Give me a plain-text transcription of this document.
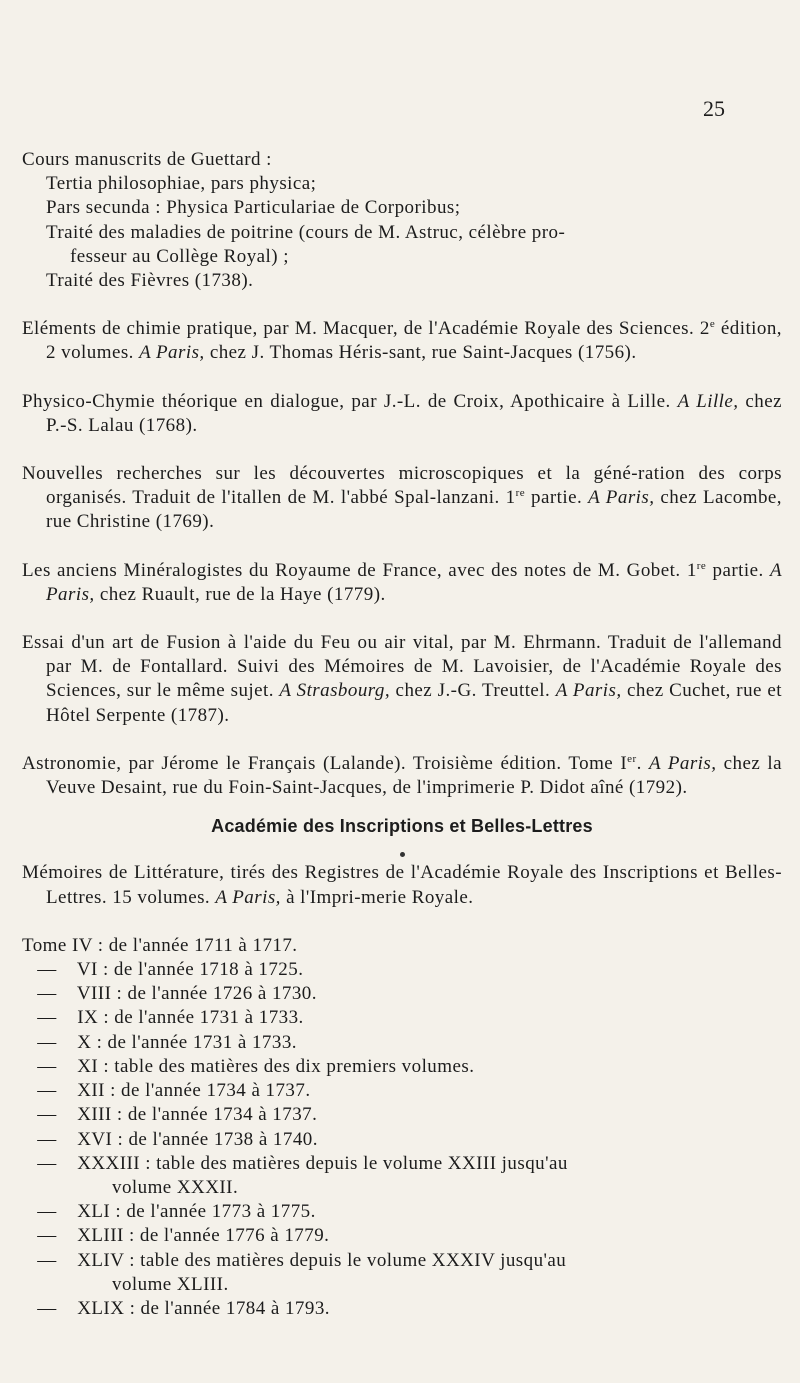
25
Cours manuscrits de Guettard :
Tertia philosophiae, pars physica;
Pars secunda : Physica Particulariae de Corporibus;
Traité des maladies de poitrine (cours de M. Astruc, célèbre pro-
fesseur au Collège Royal) ;
Traité des Fièvres (1738).
Eléments de chimie pratique, par M. Macquer, de l'Académie Royale des Sciences. 2e édition, 2 volumes. A Paris, chez J. Thomas Héris-sant, rue Saint-Jacques (1756).
Physico-Chymie théorique en dialogue, par J.-L. de Croix, Apothicaire à Lille. A Lille, chez P.-S. Lalau (1768).
Nouvelles recherches sur les découvertes microscopiques et la géné-ration des corps organisés. Traduit de l'itallen de M. l'abbé Spal-lanzani. 1re partie. A Paris, chez Lacombe, rue Christine (1769).
Les anciens Minéralogistes du Royaume de France, avec des notes de M. Gobet. 1re partie. A Paris, chez Ruault, rue de la Haye (1779).
Essai d'un art de Fusion à l'aide du Feu ou air vital, par M. Ehrmann. Traduit de l'allemand par M. de Fontallard. Suivi des Mémoires de M. Lavoisier, de l'Académie Royale des Sciences, sur le même sujet. A Strasbourg, chez J.-G. Treuttel. A Paris, chez Cuchet, rue et Hôtel Serpente (1787).
Astronomie, par Jérome le Français (Lalande). Troisième édition. Tome Ier. A Paris, chez la Veuve Desaint, rue du Foin-Saint-Jacques, de l'imprimerie P. Didot aîné (1792).
Académie des Inscriptions et Belles-Lettres
Mémoires de Littérature, tirés des Registres de l'Académie Royale des Inscriptions et Belles-Lettres. 15 volumes. A Paris, à l'Impri-merie Royale.
Tome IV : de l'année 1711 à 1717.
— VI : de l'année 1718 à 1725.
— VIII : de l'année 1726 à 1730.
— IX : de l'année 1731 à 1733.
— X : de l'année 1731 à 1733.
— XI : table des matières des dix premiers volumes.
— XII : de l'année 1734 à 1737.
— XIII : de l'année 1734 à 1737.
— XVI : de l'année 1738 à 1740.
— XXXIII : table des matières depuis le volume XXIII jusqu'au
volume XXXII.
— XLI : de l'année 1773 à 1775.
— XLIII : de l'année 1776 à 1779.
— XLIV : table des matières depuis le volume XXXIV jusqu'au
volume XLIII.
— XLIX : de l'année 1784 à 1793.
